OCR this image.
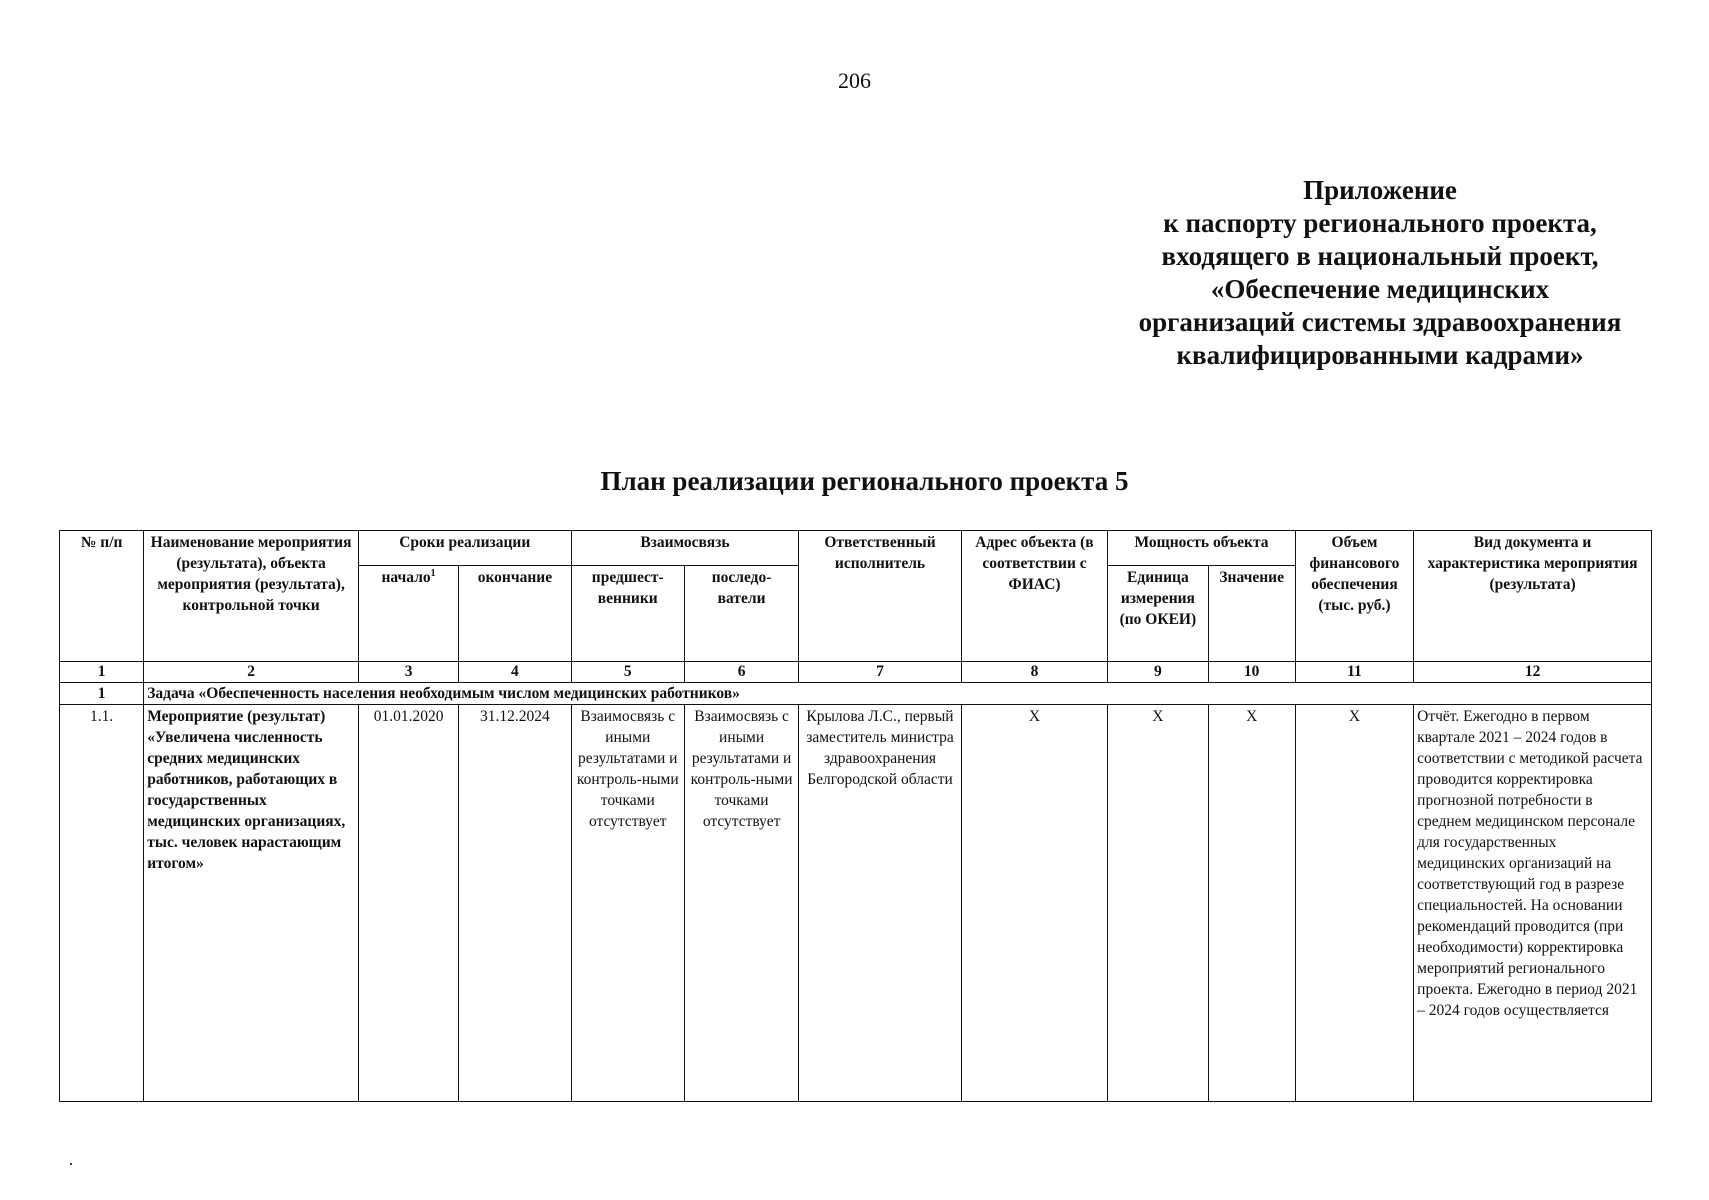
206
Приложение
к паспорту регионального проекта,
входящего в национальный проект,
«Обеспечение медицинских
организаций системы здравоохранения
квалифицированными кадрами»
План реализации регионального проекта 5
№ п/п	Наименование мероприятия (результата), объекта мероприятия (результата), контрольной точки	Сроки реализации		Взаимосвязь		Ответственный исполнитель	Адрес объекта (в соответствии с ФИАС)	Мощность объекта		Объем финансового обеспечения (тыс. руб.)	Вид документа и характеристика мероприятия (результата)
		начало$^1$	окончание	предшест-венники	последо-ватели			Единица измерения (по ОКЕИ)	Значение		
1	2	3	4	5	6	7	8	9	10	11	12
1	Задача «Обеспеченность населения необходимым числом медицинских работников»										
1.1.	Мероприятие (результат) «Увеличена численность средних медицинских работников, работающих в государственных медицинских организациях, тыс. человек нарастающим итогом»	01.01.2020	31.12.2024	Взаимосвязь с иными результатами и контроль-ными точками отсутствует	Взаимосвязь с иными результатами и контроль-ными точками отсутствует	Крылова Л.С., первый заместитель министра здравоохранения Белгородской области	Х	Х	Х	Х	Отчёт. Ежегодно в первом квартале 2021 – 2024 годов в соответствии с методикой расчета проводится корректировка прогнозной потребности в среднем медицинском персонале для государственных медицинских организаций на соответствующий год в разрезе специальностей. На основании рекомендаций проводится (при необходимости) корректировка мероприятий регионального проекта. Ежегодно в период 2021 – 2024 годов осуществляется
